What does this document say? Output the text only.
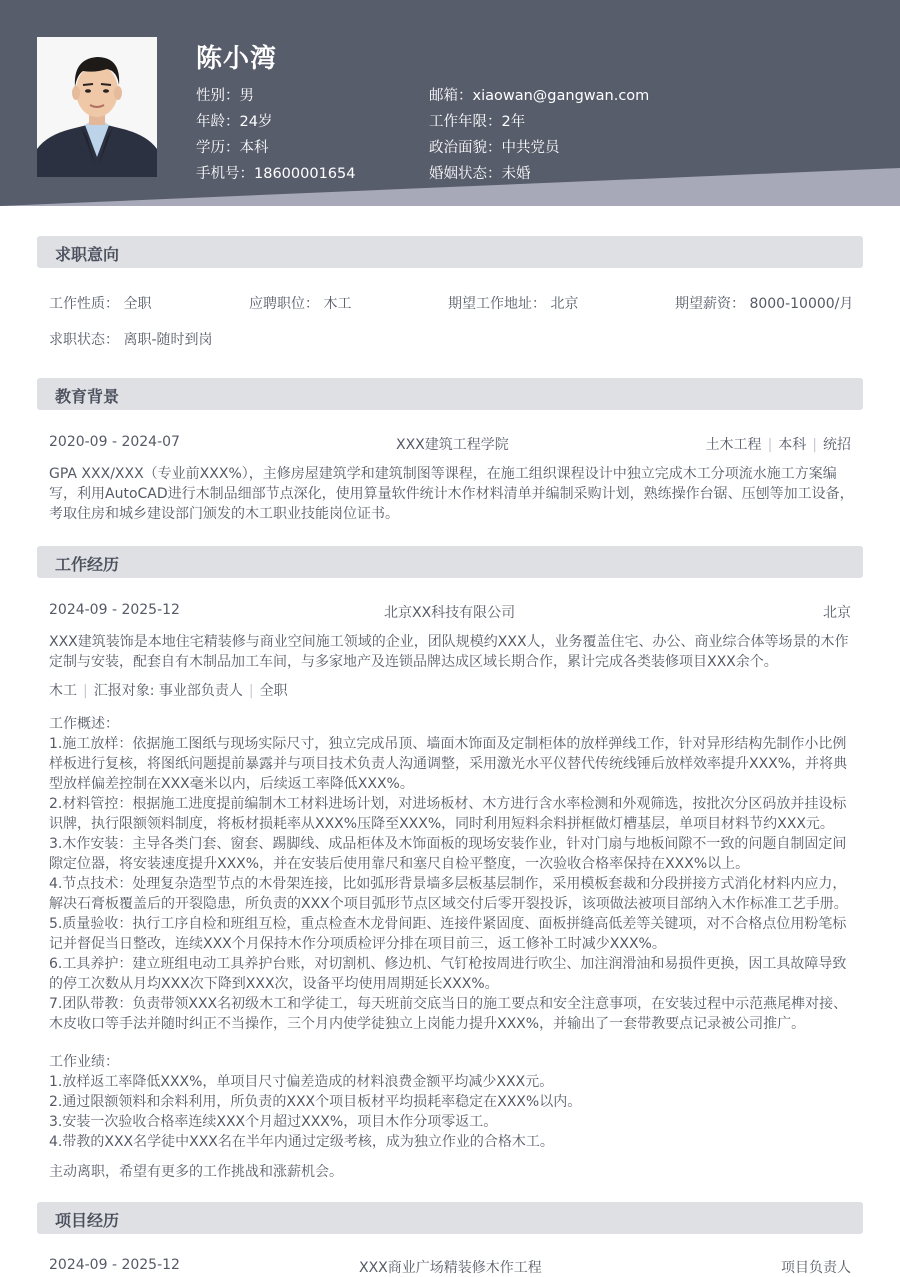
陈小湾
性别：男
年龄：24岁
学历：本科
手机号：18600001654
邮箱：xiaowan@gangwan.com
工作年限：2年
政治面貌：中共党员
婚姻状态：未婚
求职意向
工作性质： 全职	应聘职位： 木工	期望工作地址： 北京	期望薪资： 8000-10000/月
求职状态： 离职-随时到岗
教育背景
2020-09 - 2024-07	XXX建筑工程学院	土木工程 | 本科 | 统招
GPA XXX/XXX（专业前XXX%），主修房屋建筑学和建筑制图等课程，在施工组织课程设计中独立完成木工分项流水施工方案编写，利用AutoCAD进行木制品细部节点深化，使用算量软件统计木作材料清单并编制采购计划，熟练操作台锯、压刨等加工设备，考取住房和城乡建设部门颁发的木工职业技能岗位证书。
工作经历
2024-09 - 2025-12	北京XX科技有限公司	北京
XXX建筑装饰是本地住宅精装修与商业空间施工领域的企业，团队规模约XXX人，业务覆盖住宅、办公、商业综合体等场景的木作定制与安装，配套自有木制品加工车间，与多家地产及连锁品牌达成区域长期合作，累计完成各类装修项目XXX余个。
木工 | 汇报对象: 事业部负责人 | 全职
工作概述：
1.施工放样：依据施工图纸与现场实际尺寸，独立完成吊顶、墙面木饰面及定制柜体的放样弹线工作，针对异形结构先制作小比例样板进行复核，将图纸问题提前暴露并与项目技术负责人沟通调整，采用激光水平仪替代传统线锤后放样效率提升XXX%，并将典型放样偏差控制在XXX毫米以内，后续返工率降低XXX%。
2.材料管控：根据施工进度提前编制木工材料进场计划，对进场板材、木方进行含水率检测和外观筛选，按批次分区码放并挂设标识牌，执行限额领料制度，将板材损耗率从XXX%压降至XXX%，同时利用短料余料拼框做灯槽基层，单项目材料节约XXX元。
3.木作安装：主导各类门套、窗套、踢脚线、成品柜体及木饰面板的现场安装作业，针对门扇与地板间隙不一致的问题自制固定间隙定位器，将安装速度提升XXX%，并在安装后使用靠尺和塞尺自检平整度，一次验收合格率保持在XXX%以上。
4.节点技术：处理复杂造型节点的木骨架连接，比如弧形背景墙多层板基层制作，采用模板套裁和分段拼接方式消化材料内应力，解决石膏板覆盖后的开裂隐患，所负责的XXX个项目弧形节点区域交付后零开裂投诉，该项做法被项目部纳入木作标准工艺手册。
5.质量验收：执行工序自检和班组互检，重点检查木龙骨间距、连接件紧固度、面板拼缝高低差等关键项，对不合格点位用粉笔标记并督促当日整改，连续XXX个月保持木作分项质检评分排在项目前三，返工修补工时减少XXX%。
6.工具养护：建立班组电动工具养护台账，对切割机、修边机、气钉枪按周进行吹尘、加注润滑油和易损件更换，因工具故障导致的停工次数从月均XXX次下降到XXX次，设备平均使用周期延长XXX%。
7.团队带教：负责带领XXX名初级木工和学徒工，每天班前交底当日的施工要点和安全注意事项，在安装过程中示范燕尾榫对接、木皮收口等手法并随时纠正不当操作，三个月内使学徒独立上岗能力提升XXX%，并输出了一套带教要点记录被公司推广。
工作业绩：
1.放样返工率降低XXX%，单项目尺寸偏差造成的材料浪费金额平均减少XXX元。
2.通过限额领料和余料利用，所负责的XXX个项目板材平均损耗率稳定在XXX%以内。
3.安装一次验收合格率连续XXX个月超过XXX%，项目木作分项零返工。
4.带教的XXX名学徒中XXX名在半年内通过定级考核，成为独立作业的合格木工。
主动离职，希望有更多的工作挑战和涨薪机会。
项目经历
2024-09 - 2025-12	XXX商业广场精装修木作工程	项目负责人
